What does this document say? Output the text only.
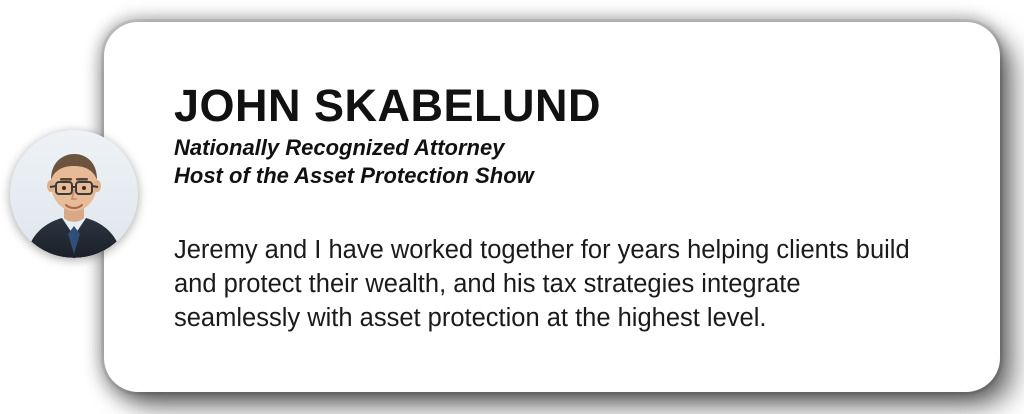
JOHN SKABELUND

Nationally Recognized Attorney

Host of the Asset Protection Show

Jeremy and I have worked together for years helping clients build
and protect their wealth, and his tax strategies integrate
seamlessly with asset protection at the highest level.
